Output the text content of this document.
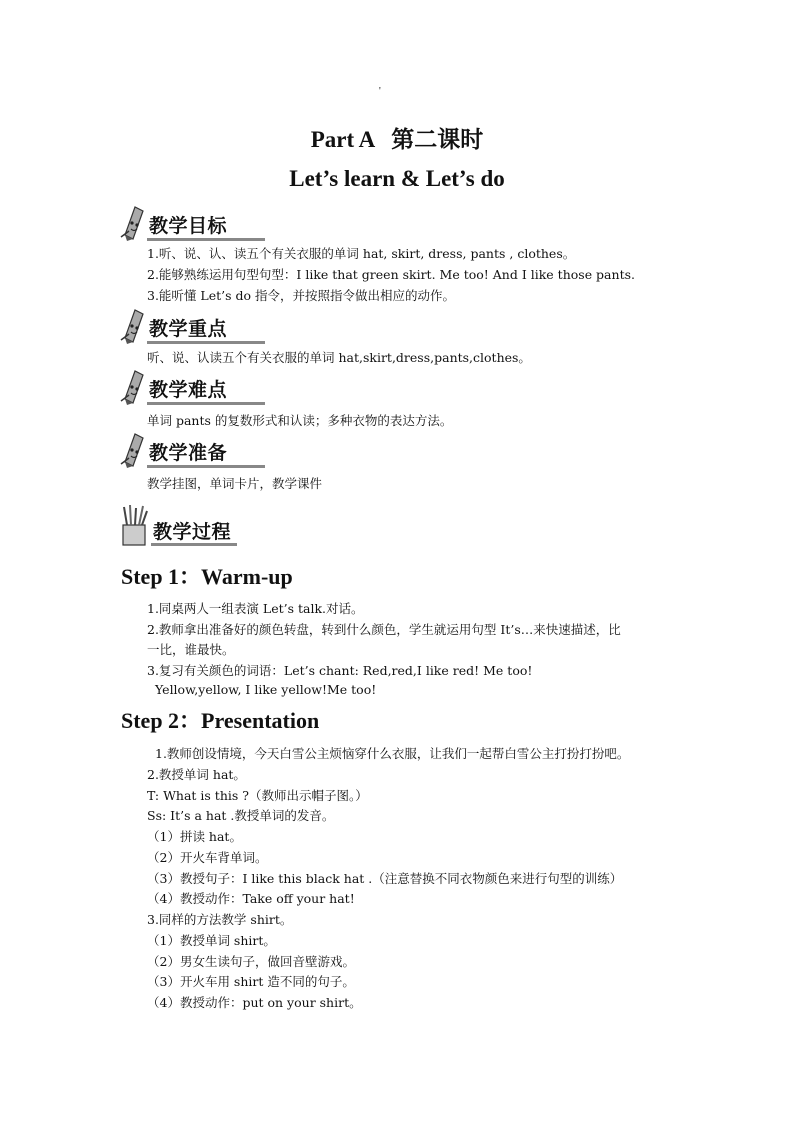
'
Part A   第二课时
Let’s learn & Let’s do
教学目标
1.听、说、认、读五个有关衣服的单词 hat, skirt, dress, pants , clothes。
2.能够熟练运用句型句型：I like that green skirt. Me too! And I like those pants.
3.能听懂 Let’s do 指令，并按照指令做出相应的动作。
教学重点
听、说、认读五个有关衣服的单词 hat,skirt,dress,pants,clothes。
教学难点
单词 pants 的复数形式和认读；多种衣物的表达方法。
教学准备
教学挂图，单词卡片，教学课件
教学过程
Step 1：Warm-up
1.同桌两人一组表演 Let’s talk.对话。
2.教师拿出准备好的颜色转盘，转到什么颜色，学生就运用句型 It’s…来快速描述，比
一比，谁最快。
3.复习有关颜色的词语：Let’s chant: Red,red,I like red! Me too!
Yellow,yellow, I like yellow!Me too!
Step 2：Presentation
1.教师创设情境，今天白雪公主烦恼穿什么衣服，让我们一起帮白雪公主打扮打扮吧。
2.教授单词 hat。
T: What is this ?（教师出示帽子图。）
Ss: It’s a hat .教授单词的发音。
（1）拼读 hat。
（2）开火车背单词。
（3）教授句子：I like this black hat .（注意替换不同衣物颜色来进行句型的训练）
（4）教授动作：Take off your hat!
3.同样的方法教学 shirt。
（1）教授单词 shirt。
（2）男女生读句子，做回音壁游戏。
（3）开火车用 shirt 造不同的句子。
（4）教授动作：put on your shirt。
